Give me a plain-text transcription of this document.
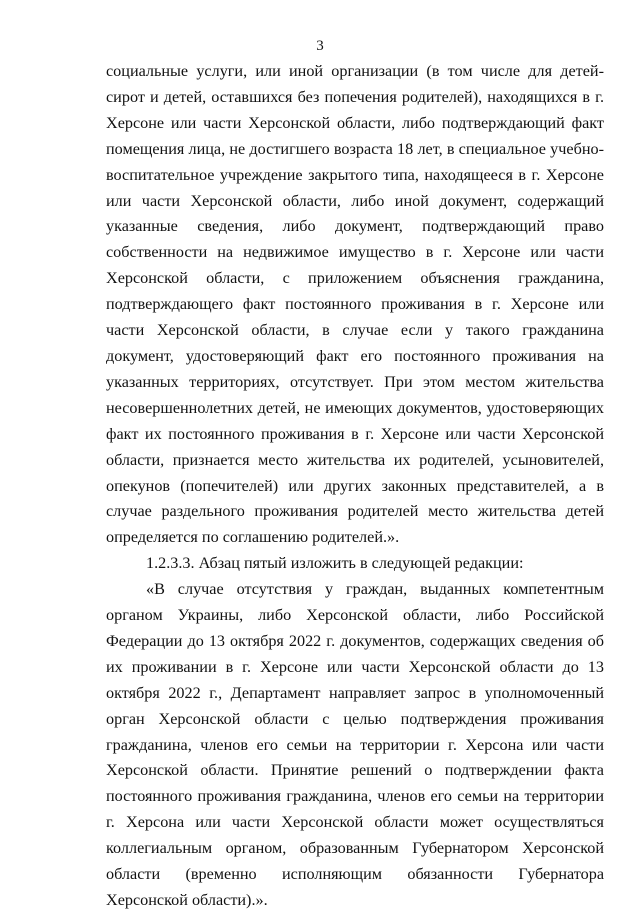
3

социальные услуги, или иной организации (в том числе для детей-сирот и детей, оставшихся без попечения родителей), находящихся в г. Херсоне или части Херсонской области, либо подтверждающий факт помещения лица, не достигшего возраста 18 лет, в специальное учебно-воспитательное учреждение закрытого типа, находящееся в г. Херсоне или части Херсонской области, либо иной документ, содержащий указанные сведения, либо документ, подтверждающий право собственности на недвижимое имущество в г. Херсоне или части Херсонской области, с приложением объяснения гражданина, подтверждающего факт постоянного проживания в г. Херсоне или части Херсонской области, в случае если у такого гражданина документ, удостоверяющий факт его постоянного проживания на указанных территориях, отсутствует. При этом местом жительства несовершеннолетних детей, не имеющих документов, удостоверяющих факт их постоянного проживания в г. Херсоне или части Херсонской области, признается место жительства их родителей, усыновителей, опекунов (попечителей) или других законных представителей, а в случае раздельного проживания родителей место жительства детей определяется по соглашению родителей.».

1.2.3.3. Абзац пятый изложить в следующей редакции:

«В случае отсутствия у граждан, выданных компетентным органом Украины, либо Херсонской области, либо Российской Федерации до 13 октября 2022 г. документов, содержащих сведения об их проживании в г. Херсоне или части Херсонской области до 13 октября 2022 г., Департамент направляет запрос в уполномоченный орган Херсонской области с целью подтверждения проживания гражданина, членов его семьи на территории г. Херсона или части Херсонской области. Принятие решений о подтверждении факта постоянного проживания гражданина, членов его семьи на территории г. Херсона или части Херсонской области может осуществляться коллегиальным органом, образованным Губернатором Херсонской области (временно исполняющим обязанности Губернатора Херсонской области).».
